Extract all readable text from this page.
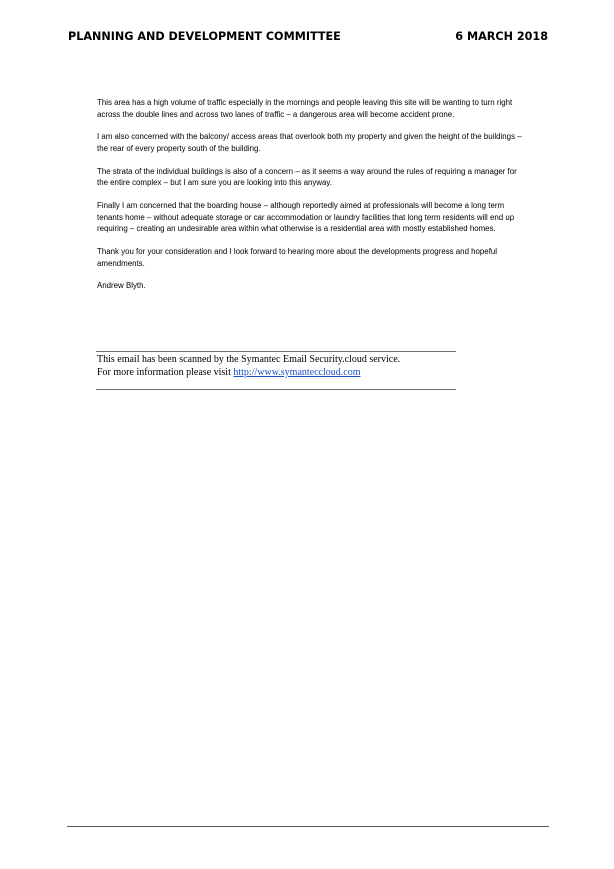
PLANNING AND DEVELOPMENT COMMITTEE	6 MARCH 2018

This area has a high volume of traffic especially in the mornings and people leaving this site will be wanting to turn right across the double lines and across two lanes of traffic – a dangerous area will become accident prone.

I am also concerned with the balcony/ access areas that overlook both my property and given the height of the buildings – the rear of every property south of the building.

The strata of the individual buildings is also of a concern – as it seems a way around the rules of requiring a manager for the entire complex – but I am sure you are looking into this anyway.

Finally I am concerned that the boarding house – although reportedly aimed at professionals will become a long term tenants home – without adequate storage or car accommodation or laundry facilities that long term residents will end up requiring – creating an undesirable area within what otherwise is a residential area with mostly established homes.

Thank you for your consideration and I look forward to hearing more about the developments progress and hopeful amendments.

Andrew Blyth.

This email has been scanned by the Symantec Email Security.cloud service.
For more information please visit http://www.symanteccloud.com
